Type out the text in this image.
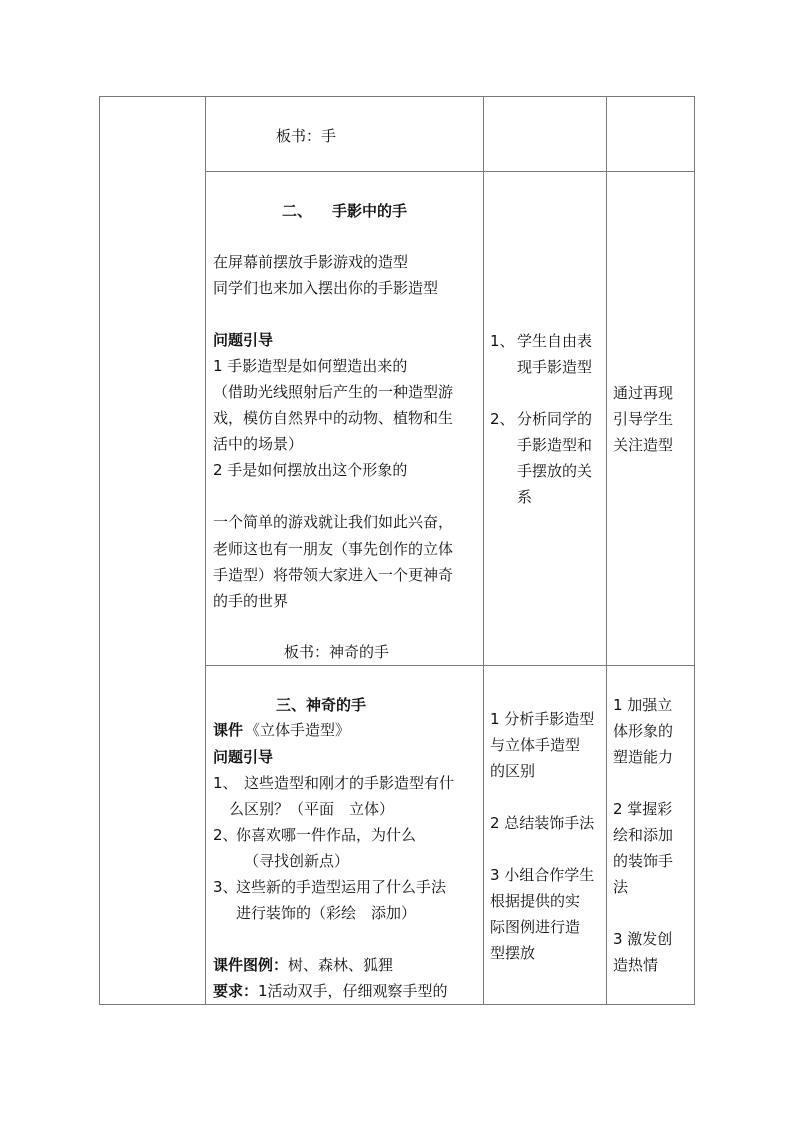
板书：手
二、 手影中的手
在屏幕前摆放手影游戏的造型
同学们也来加入摆出你的手影造型
问题引导
1 手影造型是如何塑造出来的
（借助光线照射后产生的一种造型游
戏，模仿自然界中的动物、植物和生
活中的场景）
2 手是如何摆放出这个形象的
一个简单的游戏就让我们如此兴奋，
老师这也有一朋友（事先创作的立体
手造型）将带领大家进入一个更神奇
的手的世界
板书：神奇的手
1、 学生自由表
现手影造型
2、 分析同学的
手影造型和
手摆放的关
系
通过再现
引导学生
关注造型
三、神奇的手
课件 《立体手造型》
问题引导
1、 这些造型和刚才的手影造型有什
么区别？（平面　立体）
2、
你喜欢哪一件作品，为什么
（寻找创新点）
3、
这些新的手造型运用了什么手法
进行装饰的（彩绘　添加）
课件图例： 树、森林、狐狸
要求： 1活动双手，仔细观察手型的
1 分析手影造型
与立体手造型
的区别
2 总结装饰手法
3 小组合作学生
根据提供的实
际图例进行造
型摆放
1 加强立
体形象的
塑造能力
2 掌握彩
绘和添加
的装饰手
法
3 激发创
造热情
